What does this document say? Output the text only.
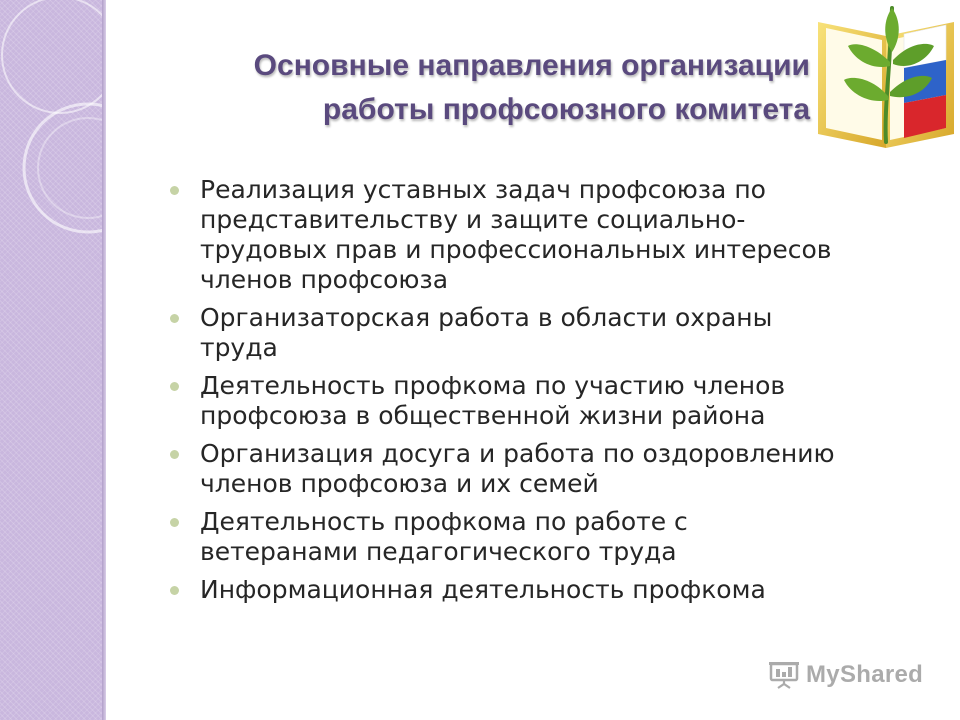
Основные направления организации
работы профсоюзного комитета
Реализация уставных задач профсоюза по
представительству и защите социально-
трудовых прав и профессиональных интересов
членов профсоюза
Организаторская работа в области охраны
труда
Деятельность профкома по участию членов
профсоюза в общественной жизни района
Организация досуга и работа по оздоровлению
членов профсоюза и их семей
Деятельность профкома по работе с
ветеранами педагогического труда
Информационная деятельность профкома
MyShared
